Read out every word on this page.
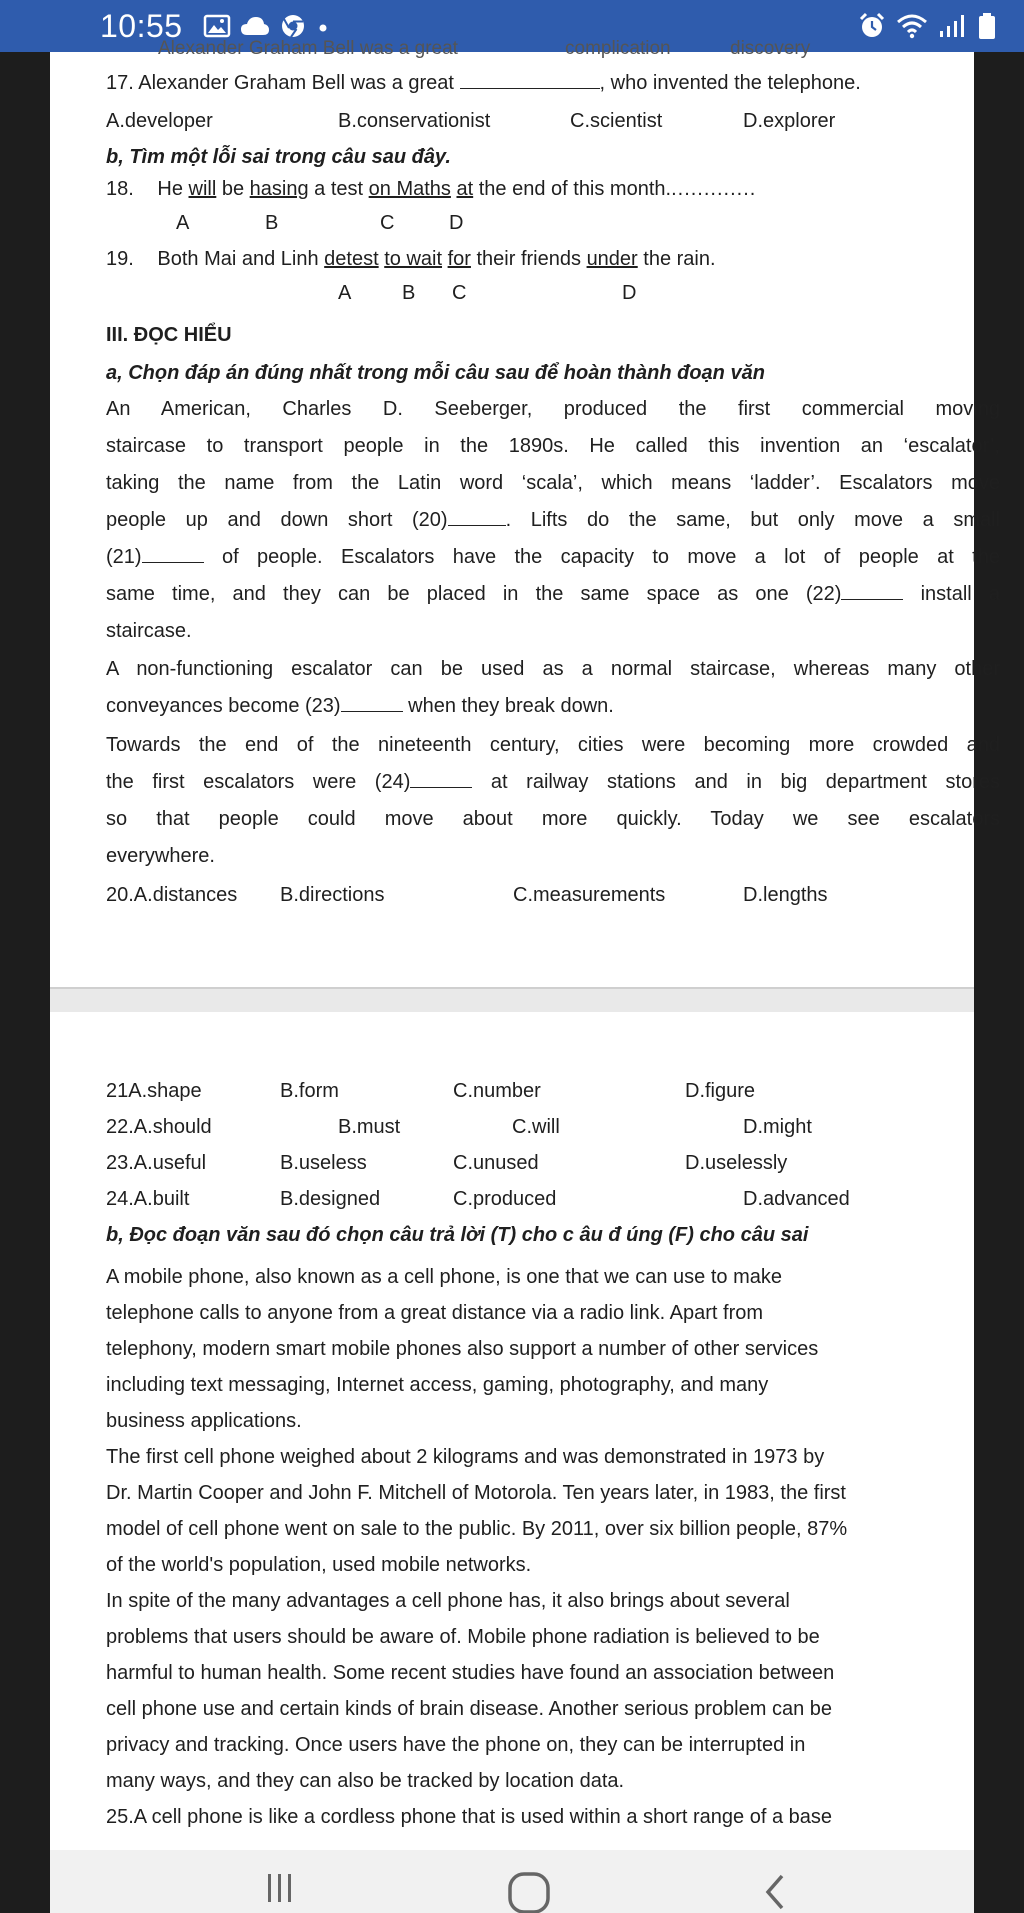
10:55
Alexander Graham Bell was a great	complication	discovery
17. Alexander Graham Bell was a great	, who invented the telephone.
A.developer	B.conservationist	C.scientist	D.explorer
b, Tìm một lỗi sai trong câu sau đây.
18. He will be hasing a test on Maths at the end of this month..............
A	B	C	D
19. Both Mai and Linh detest to wait for their friends under the rain.
A	B C	D
III. ĐỌC HIỂU
a, Chọn đáp án đúng nhất trong mỗi câu sau để hoàn thành đoạn văn
An American, Charles D. Seeberger, produced the first commercial moving
staircase to transport people in the 1890s. He called this invention an ‘escalator’,
taking the name from the Latin word ‘scala’, which means ‘ladder’. Escalators move
people up and down short (20)	. Lifts do the same, but only move a small
(21)	of people. Escalators have the capacity to move a lot of people at the
same time, and they can be placed in the same space as one (22)	install a
staircase.
A non-functioning escalator can be used as a normal staircase, whereas many other
conveyances become (23)	when they break down.
Towards the end of the nineteenth century, cities were becoming more crowded and
the first escalators were (24)	at railway stations and in big department stores
so that people could move about more quickly. Today we see escalators
everywhere.
20.A.distances B.directions	C.measurements	D.lengths
21A.shape	B.form	C.number	D.figure
22.A.should	B.must	C.will	D.might
23.A.useful	B.useless	C.unused	D.uselessly
24.A.built	B.designed	C.produced	D.advanced
b, Đọc đoạn văn sau đó chọn câu trả lời (T) cho c âu đ úng (F) cho câu sai
A mobile phone, also known as a cell phone, is one that we can use to make
telephone calls to anyone from a great distance via a radio link. Apart from
telephony, modern smart mobile phones also support a number of other services
including text messaging, Internet access, gaming, photography, and many
business applications.
The first cell phone weighed about 2 kilograms and was demonstrated in 1973 by
Dr. Martin Cooper and John F. Mitchell of Motorola. Ten years later, in 1983, the first
model of cell phone went on sale to the public. By 2011, over six billion people, 87%
of the world's population, used mobile networks.
In spite of the many advantages a cell phone has, it also brings about several
problems that users should be aware of. Mobile phone radiation is believed to be
harmful to human health. Some recent studies have found an association between
cell phone use and certain kinds of brain disease. Another serious problem can be
privacy and tracking. Once users have the phone on, they can be interrupted in
many ways, and they can also be tracked by location data.
25.A cell phone is like a cordless phone that is used within a short range of a base
